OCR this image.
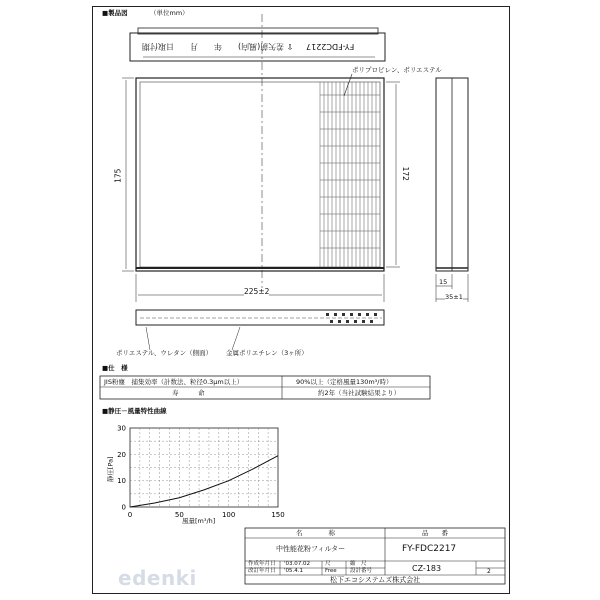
■製品図	（単位mm）
FY-FDC2217 ⇧ 差矢前(風向)　　年　　月　　日取付期
ポリプロピレン、ポリエステル
175	172
225±2
15
35±1
ポリエステル、ウレタン（側面） 金属ポリエチレン（3ヶ所）
■仕　様
JIS粉塵　捕集効率（計数法、粒径0.3μm以上）	90%以上（定格風量130m³/時）
寿　　　命	約2年（当社試験結果より）
■静圧－風量特性曲線
0	50	100	150
0
10
20
30
静圧[Pa]
風量[m³/h]
名　　　　称	品　　番
中性能花粉フィルター	FY-FDC2217
作成年月日 '03.07.02	尺	縮　尺
改訂年月日 '05.4.1	Free 設計番号	CZ-183	2
松下エコシステムズ株式会社
edenki
